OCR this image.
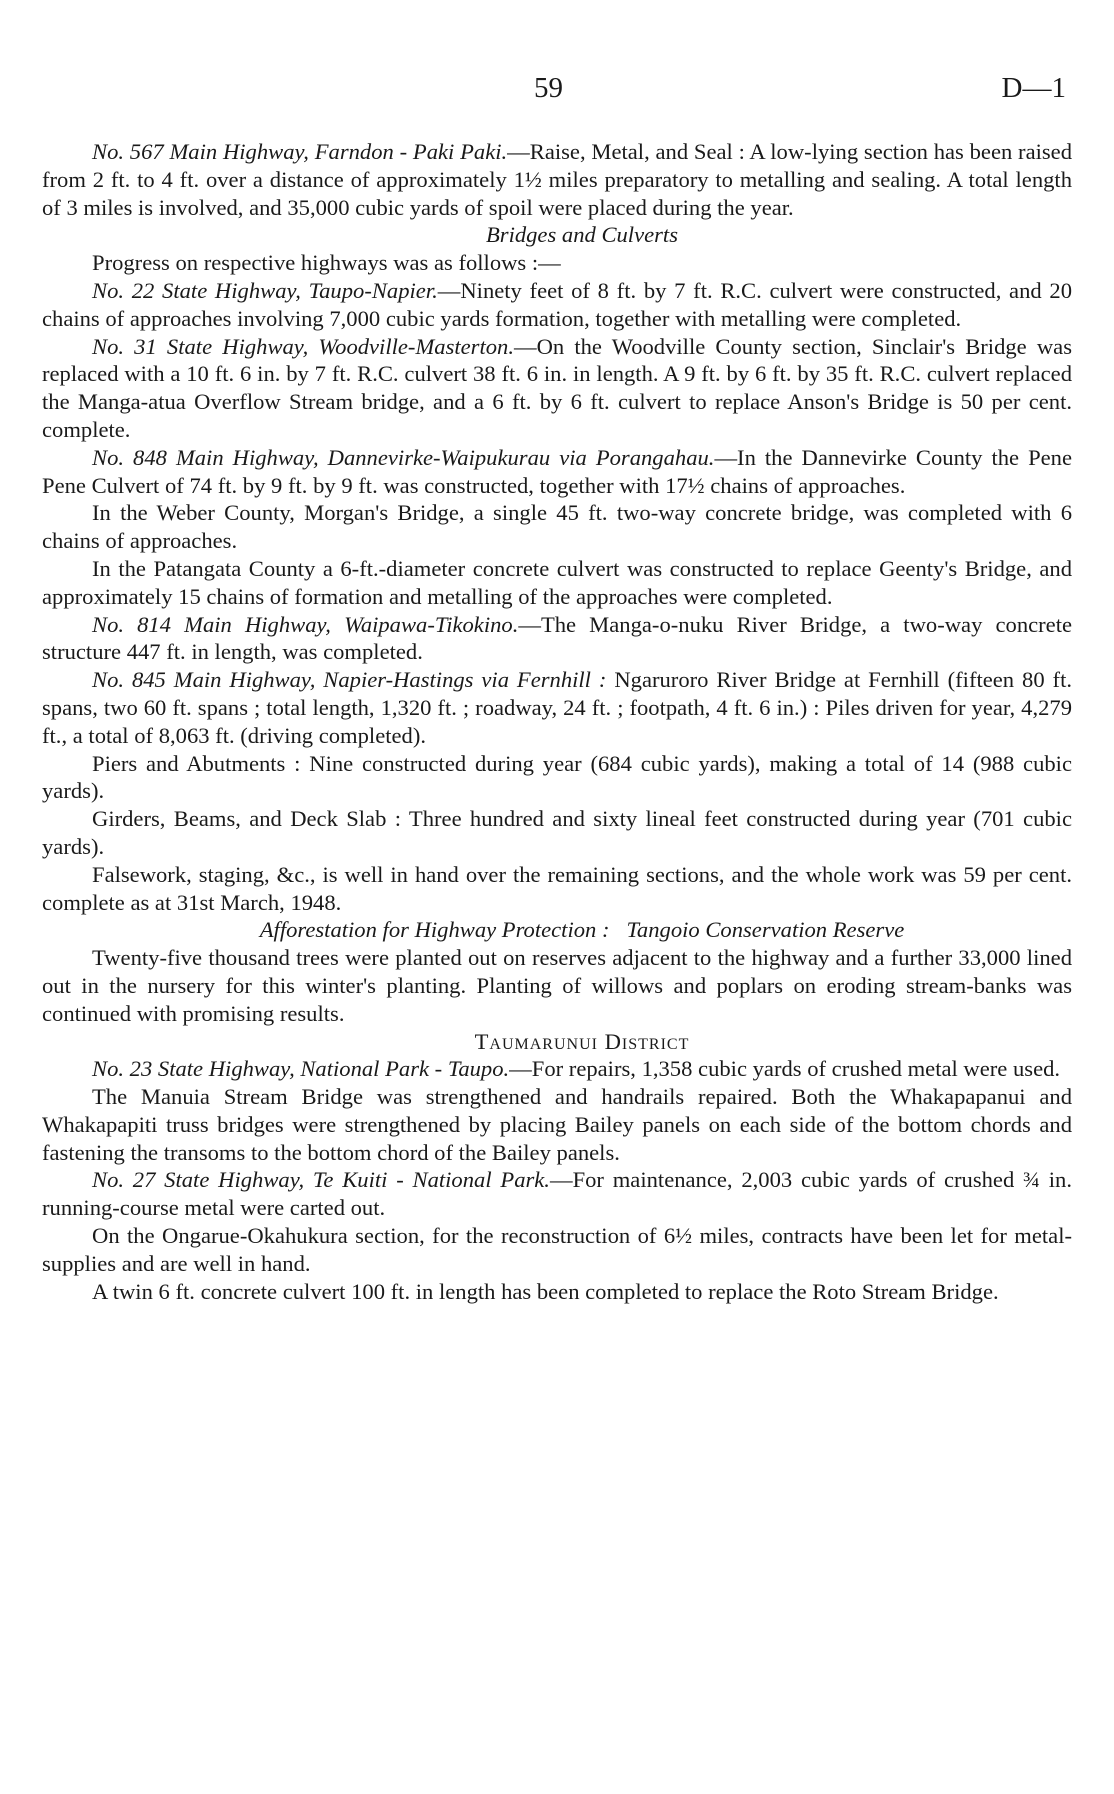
59	D—1

No. 567 Main Highway, Farndon - Paki Paki.—Raise, Metal, and Seal : A low-lying section has been raised from 2 ft. to 4 ft. over a distance of approximately 1½ miles preparatory to metalling and sealing. A total length of 3 miles is involved, and 35,000 cubic yards of spoil were placed during the year.

Bridges and Culverts

Progress on respective highways was as follows :—

No. 22 State Highway, Taupo-Napier.—Ninety feet of 8 ft. by 7 ft. R.C. culvert were constructed, and 20 chains of approaches involving 7,000 cubic yards formation, together with metalling were completed.

No. 31 State Highway, Woodville-Masterton.—On the Woodville County section, Sinclair's Bridge was replaced with a 10 ft. 6 in. by 7 ft. R.C. culvert 38 ft. 6 in. in length. A 9 ft. by 6 ft. by 35 ft. R.C. culvert replaced the Manga-atua Overflow Stream bridge, and a 6 ft. by 6 ft. culvert to replace Anson's Bridge is 50 per cent. complete.

No. 848 Main Highway, Dannevirke-Waipukurau via Porangahau.—In the Dannevirke County the Pene Pene Culvert of 74 ft. by 9 ft. by 9 ft. was constructed, together with 17½ chains of approaches.

In the Weber County, Morgan's Bridge, a single 45 ft. two-way concrete bridge, was completed with 6 chains of approaches.

In the Patangata County a 6-ft.-diameter concrete culvert was constructed to replace Geenty's Bridge, and approximately 15 chains of formation and metalling of the approaches were completed.

No. 814 Main Highway, Waipawa-Tikokino.—The Manga-o-nuku River Bridge, a two-way concrete structure 447 ft. in length, was completed.

No. 845 Main Highway, Napier-Hastings via Fernhill : Ngaruroro River Bridge at Fernhill (fifteen 80 ft. spans, two 60 ft. spans ; total length, 1,320 ft. ; roadway, 24 ft. ; footpath, 4 ft. 6 in.) : Piles driven for year, 4,279 ft., a total of 8,063 ft. (driving completed).

Piers and Abutments : Nine constructed during year (684 cubic yards), making a total of 14 (988 cubic yards).

Girders, Beams, and Deck Slab : Three hundred and sixty lineal feet constructed during year (701 cubic yards).

Falsework, staging, &c., is well in hand over the remaining sections, and the whole work was 59 per cent. complete as at 31st March, 1948.

Afforestation for Highway Protection :   Tangoio Conservation Reserve

Twenty-five thousand trees were planted out on reserves adjacent to the highway and a further 33,000 lined out in the nursery for this winter's planting. Planting of willows and poplars on eroding stream-banks was continued with promising results.

Taumarunui District

No. 23 State Highway, National Park - Taupo.—For repairs, 1,358 cubic yards of crushed metal were used.

The Manuia Stream Bridge was strengthened and handrails repaired. Both the Whakapapanui and Whakapapiti truss bridges were strengthened by placing Bailey panels on each side of the bottom chords and fastening the transoms to the bottom chord of the Bailey panels.

No. 27 State Highway, Te Kuiti - National Park.—For maintenance, 2,003 cubic yards of crushed ¾ in. running-course metal were carted out.

On the Ongarue-Okahukura section, for the reconstruction of 6½ miles, contracts have been let for metal-supplies and are well in hand.

A twin 6 ft. concrete culvert 100 ft. in length has been completed to replace the Roto Stream Bridge.
